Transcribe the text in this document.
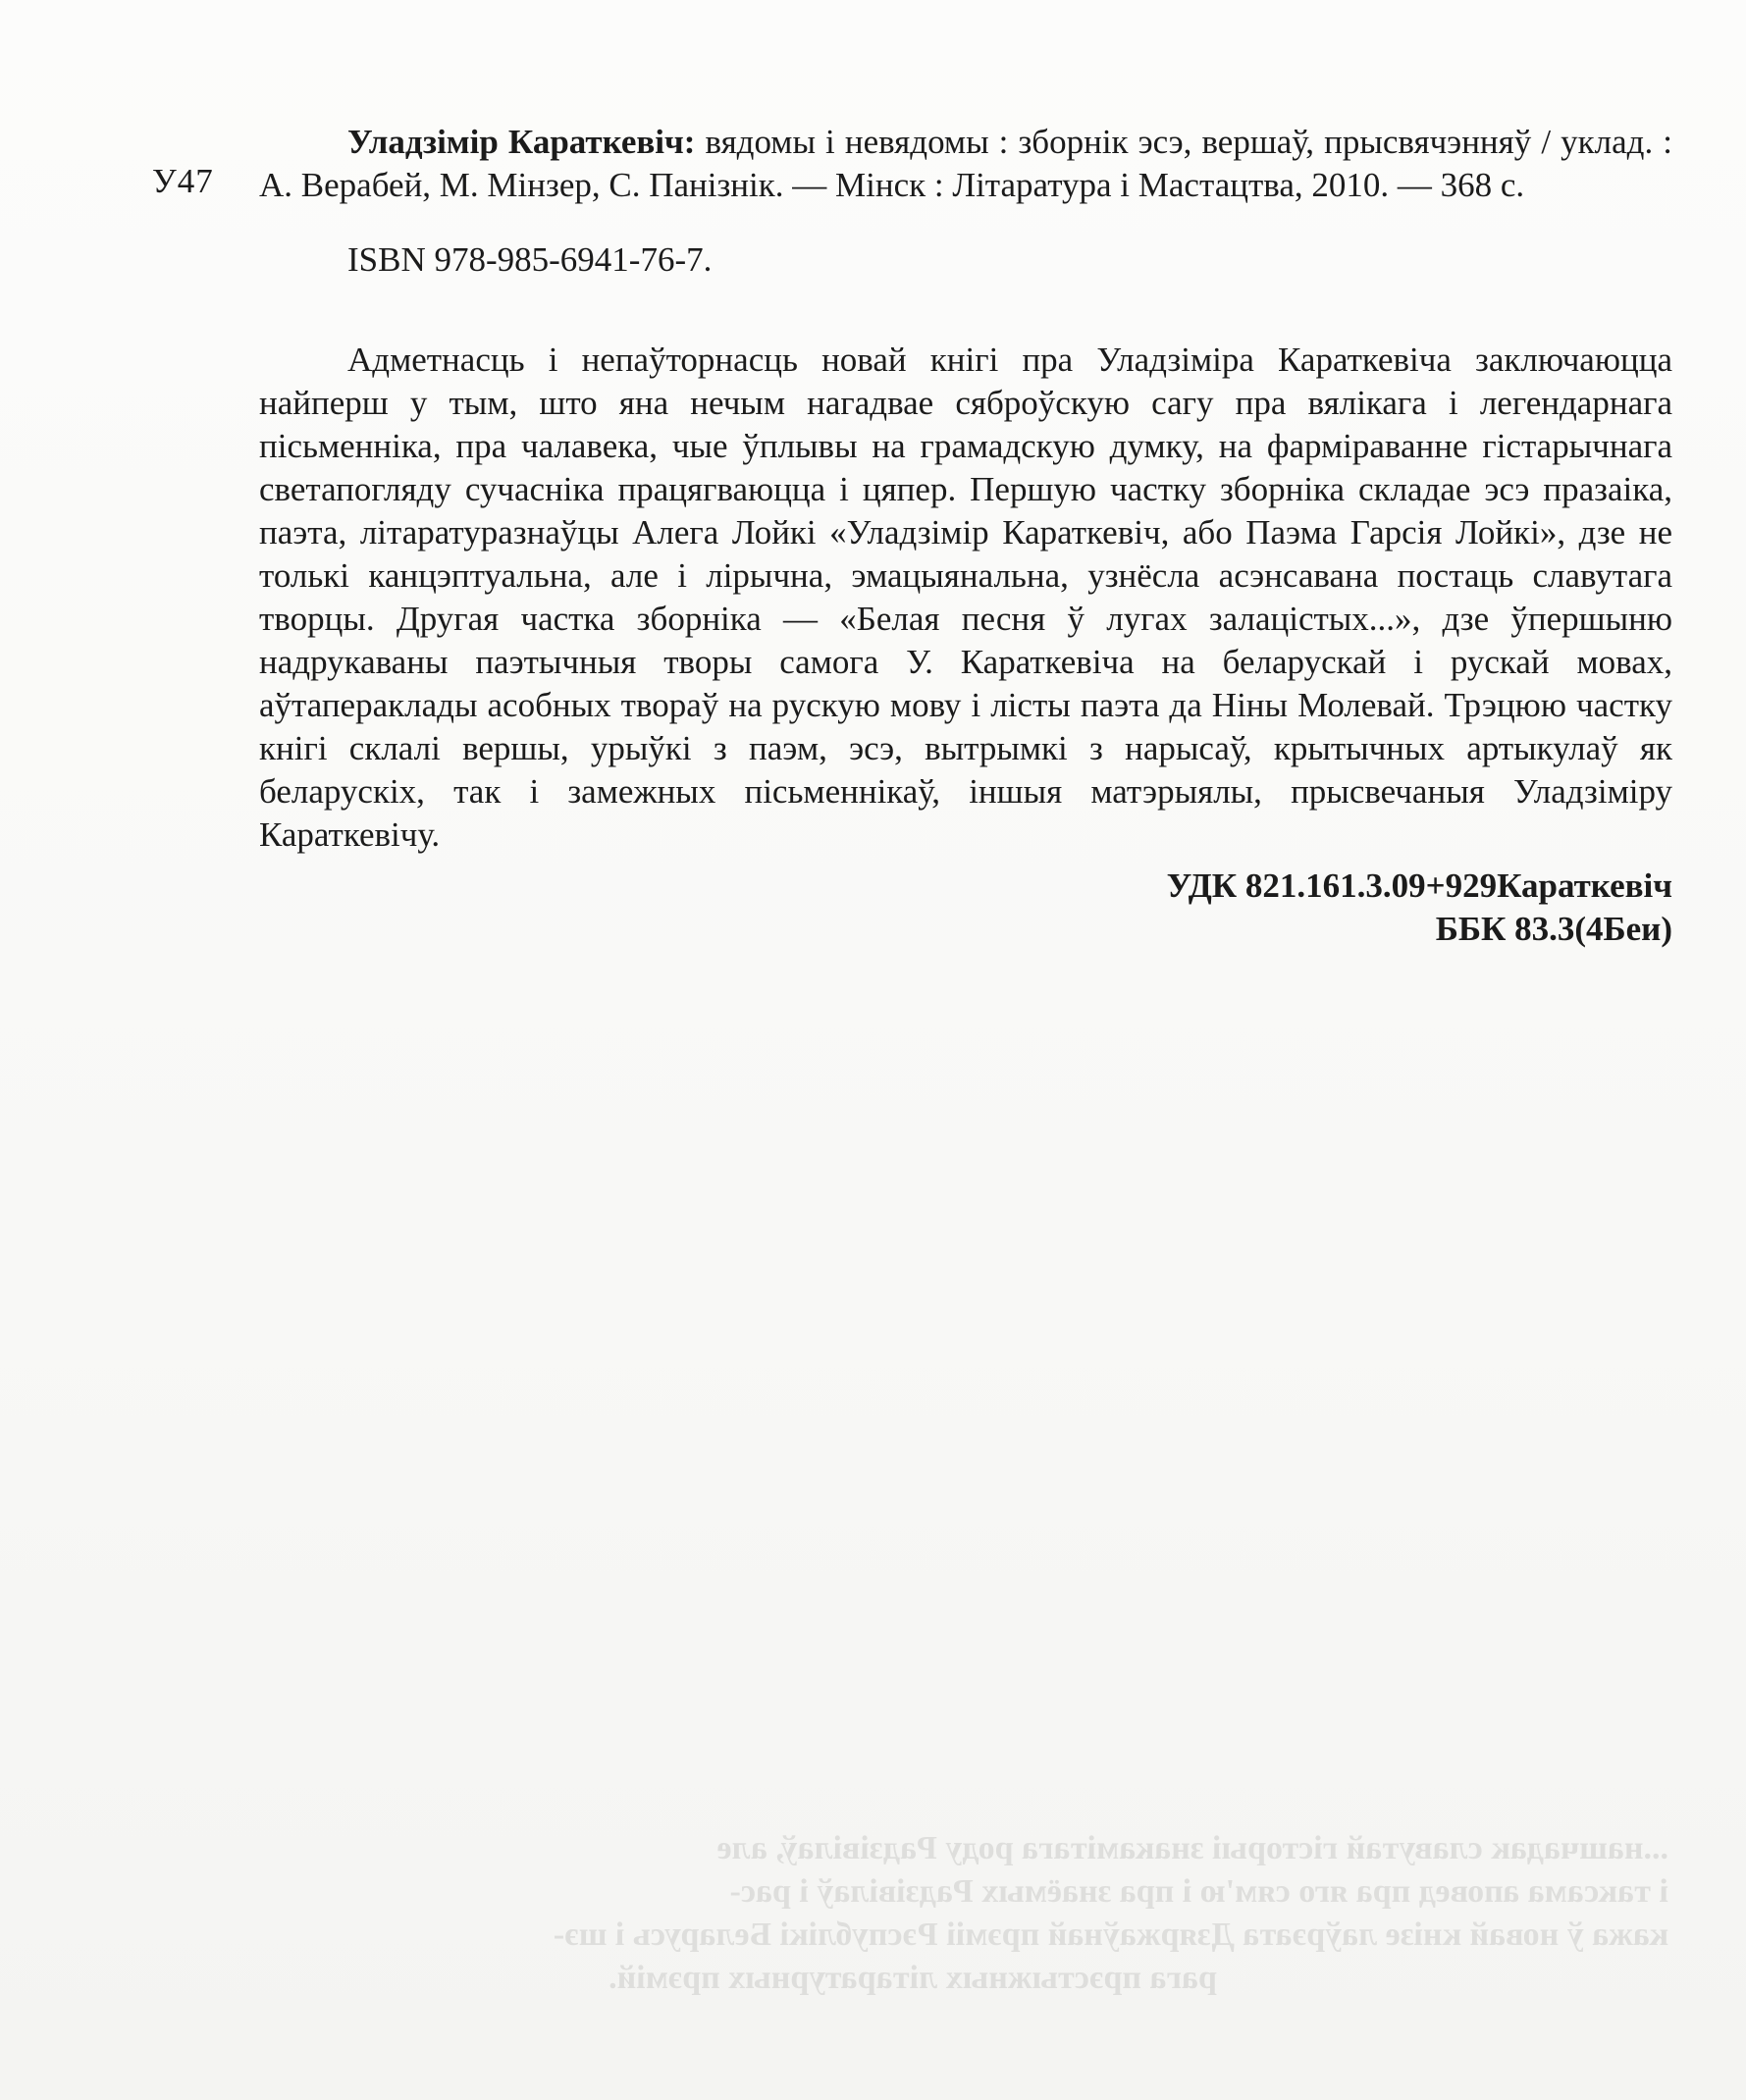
У47

Уладзімір Караткевіч: вядомы і невядомы : зборнік эсэ, вершаў, прысвячэнняў / уклад. : А. Верабей, М. Мінзер, С. Панізнік. — Мінск : Літаратура і Мастацтва, 2010. — 368 с.

ISBN 978-985-6941-76-7.

Адметнасць і непаўторнасць новай кнігі пра Уладзіміра Караткевіча заключаюцца найперш у тым, што яна нечым нагадвае сяброўскую сагу пра вялікага і легендарнага пісьменніка, пра чалавека, чые ўплывы на грамадскую думку, на фарміраванне гістарычнага светапогляду сучасніка працягваюцца і цяпер. Першую частку зборніка складае эсэ празаіка, паэта, літаратуразнаўцы Алега Лойкі «Уладзімір Караткевіч, або Паэма Гарсія Лойкі», дзе не толькі канцэптуальна, але і лірычна, эмацыянальна, узнёсла асэнсавана постаць славутага творцы. Другая частка зборніка — «Белая песня ў лугах залацістых...», дзе ўпершыню надрукаваны паэтычныя творы самога У. Караткевіча на беларускай і рускай мовах, аўтапераклады асобных твораў на рускую мову і лісты паэта да Ніны Молевай. Трэцюю частку кнігі склалі вершы, урыўкі з паэм, эсэ, вытрымкі з нарысаў, крытычных артыкулаў як беларускіх, так і замежных пісьменнікаў, іншыя матэрыялы, прысвечаныя Уладзіміру Караткевічу.

УДК 821.161.3.09+929Караткевіч
ББК 83.3(4Беи)
...нашчадак славутай гісторыі знакамітага роду Радзівілаў, але
і таксама аповед пра яго сям'ю і пра знаёмых Радзівілаў і рас-
кажа ў новай кнізе лаўрэата Дзяржаўнай прэміі Рэспублікі Беларусь і шэ-
рага прэстыжных літаратурных прэмій.
